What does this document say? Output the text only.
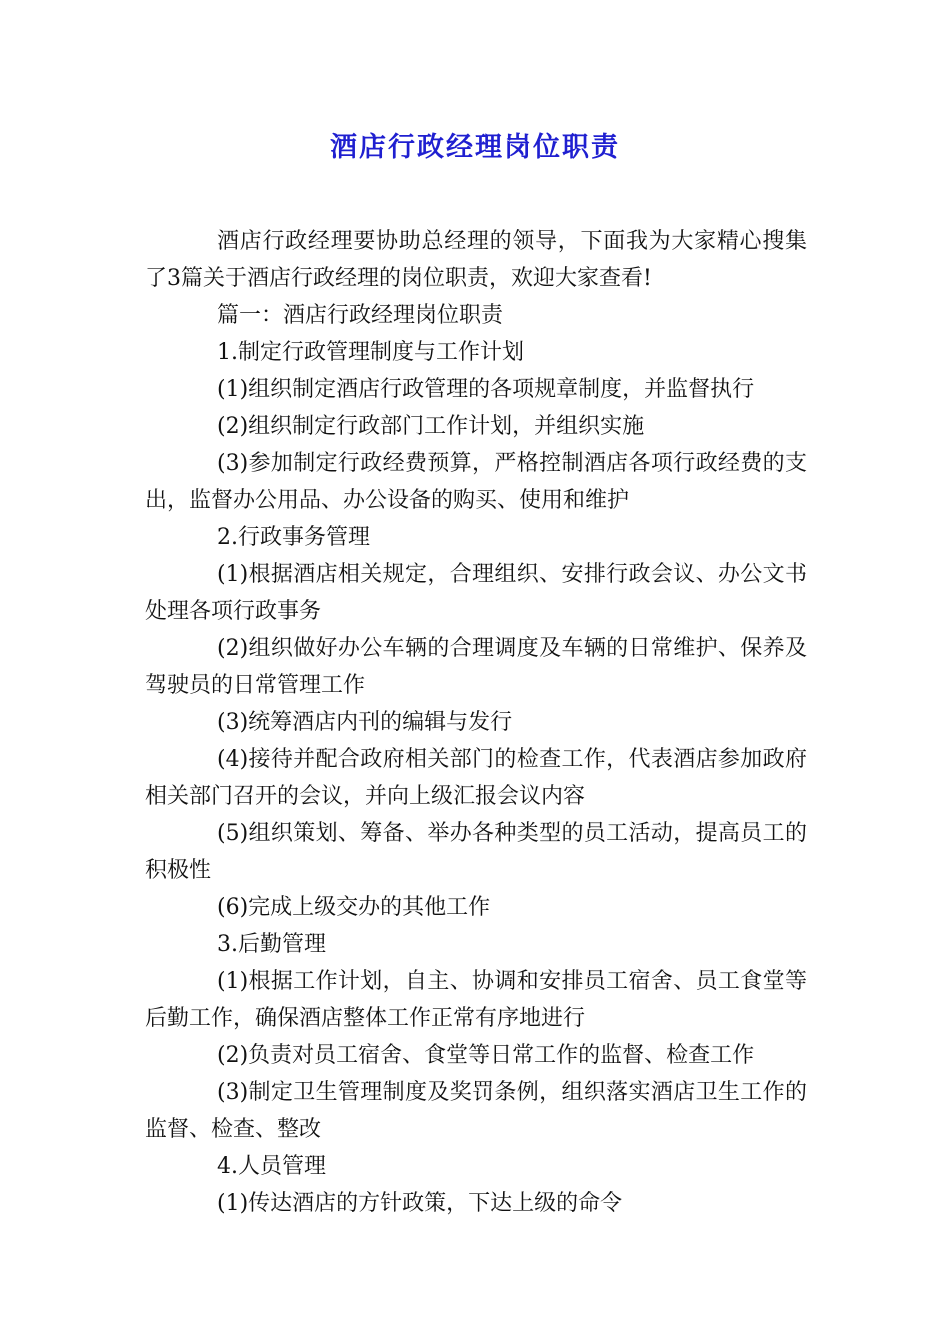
酒店行政经理岗位职责

酒店行政经理要协助总经理的领导，下面我为大家精心搜集了3篇关于酒店行政经理的岗位职责，欢迎大家查看!

篇一：酒店行政经理岗位职责

1.制定行政管理制度与工作计划

(1)组织制定酒店行政管理的各项规章制度，并监督执行

(2)组织制定行政部门工作计划，并组织实施

(3)参加制定行政经费预算，严格控制酒店各项行政经费的支出，监督办公用品、办公设备的购买、使用和维护

2.行政事务管理

(1)根据酒店相关规定，合理组织、安排行政会议、办公文书处理各项行政事务

(2)组织做好办公车辆的合理调度及车辆的日常维护、保养及驾驶员的日常管理工作

(3)统筹酒店内刊的编辑与发行

(4)接待并配合政府相关部门的检查工作，代表酒店参加政府相关部门召开的会议，并向上级汇报会议内容

(5)组织策划、筹备、举办各种类型的员工活动，提高员工的积极性

(6)完成上级交办的其他工作

3.后勤管理

(1)根据工作计划，自主、协调和安排员工宿舍、员工食堂等后勤工作，确保酒店整体工作正常有序地进行

(2)负责对员工宿舍、食堂等日常工作的监督、检查工作

(3)制定卫生管理制度及奖罚条例，组织落实酒店卫生工作的监督、检查、整改

4.人员管理

(1)传达酒店的方针政策，下达上级的命令
